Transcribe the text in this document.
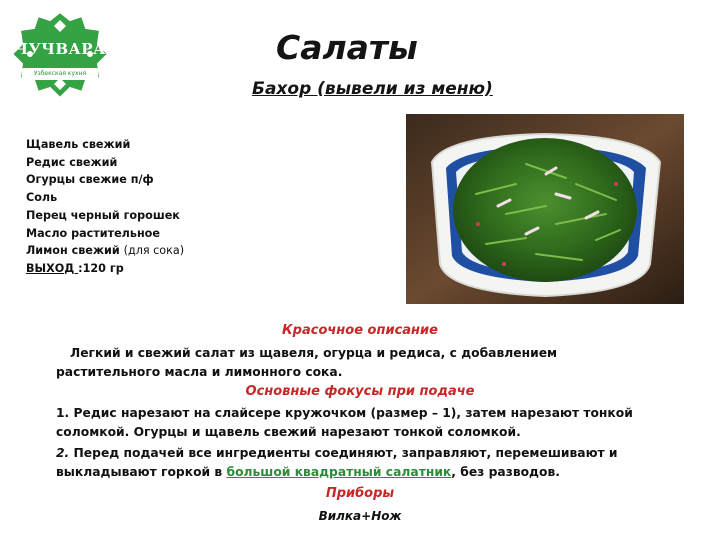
ЧУЧВАРА
Узбекская кухня
Салаты
Бахор (вывели из меню)
Щавель свежий
Редис свежий
Огурцы свежие п/ф
Соль
Перец черный горошек
Масло растительное
Лимон свежий (для сока)
ВЫХОД :120 гр
Красочное описание
Легкий и свежий салат из щавеля, огурца и редиса, с добавлением растительного масла и лимонного сока.
Основные фокусы при подаче
1. Редис нарезают на слайсере кружочком (размер – 1), затем нарезают тонкой соломкой. Огурцы и щавель свежий нарезают тонкой соломкой.
2. Перед подачей все ингредиенты соединяют, заправляют, перемешивают и выкладывают горкой в большой квадратный салатник, без разводов.
Приборы
Вилка+Нож
